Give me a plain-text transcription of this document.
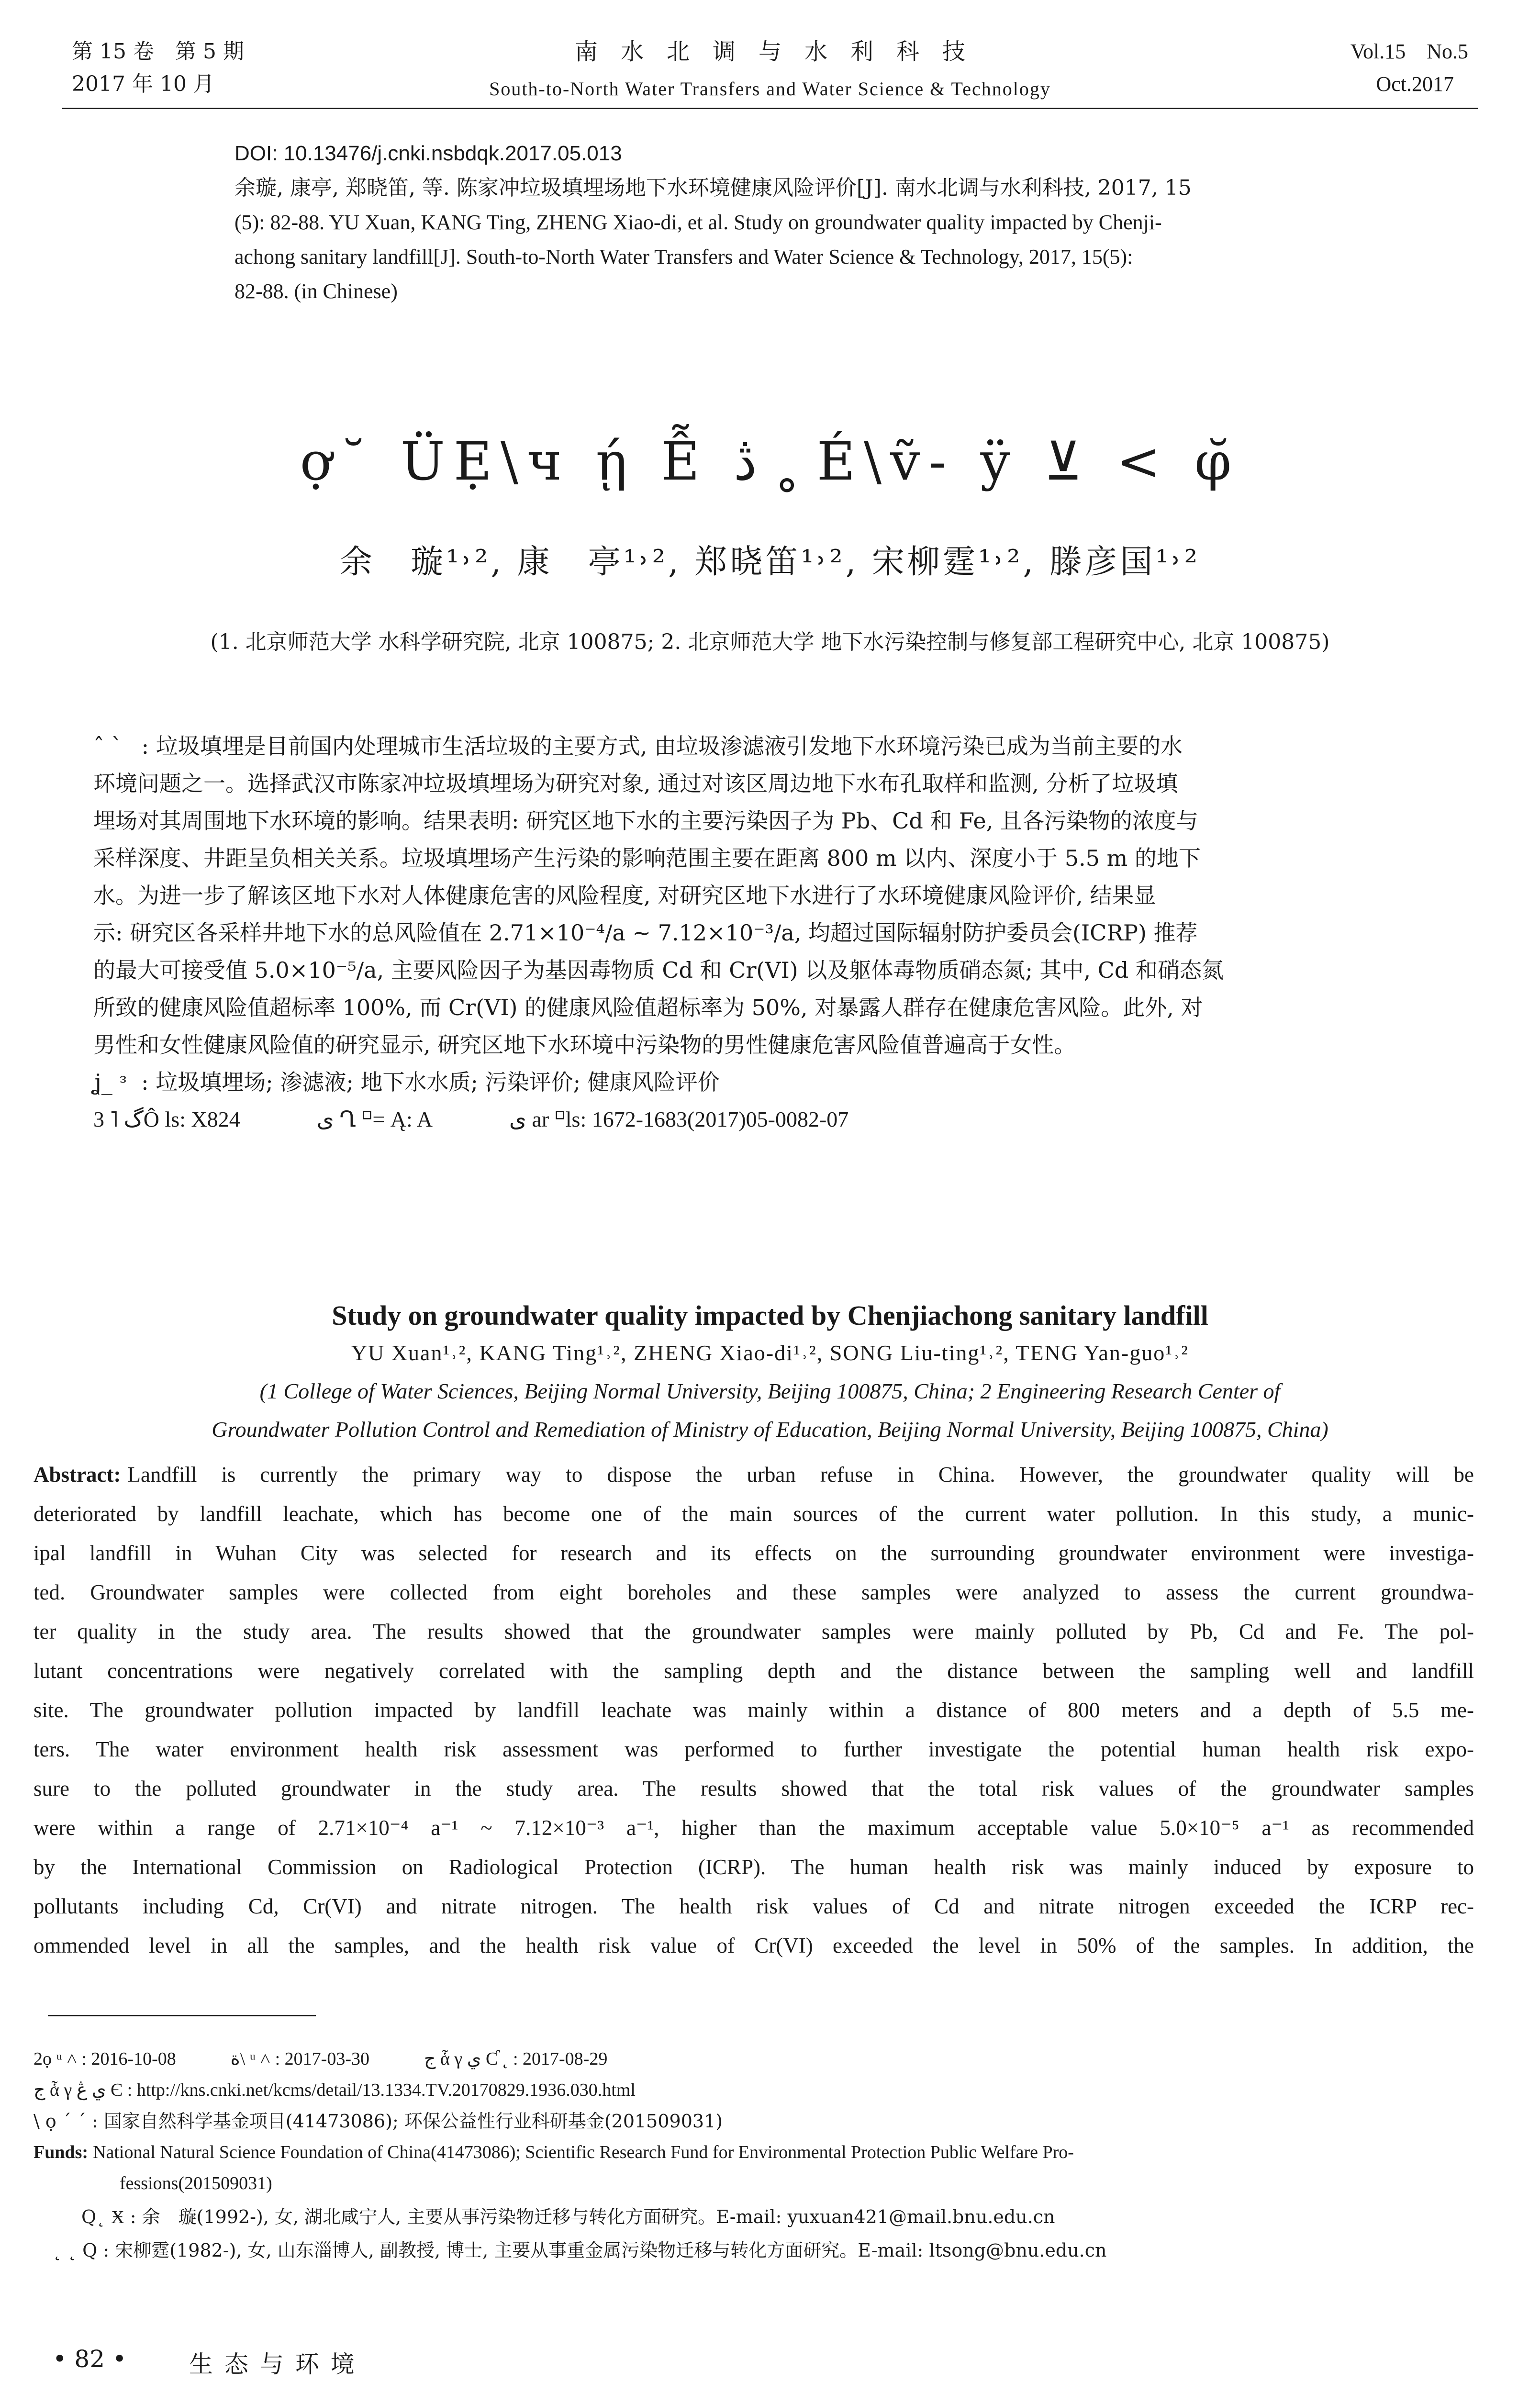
第 15 卷　第 5 期
2017 年 10 月
南　水　北　调　与　水　利　科　技
South-to-North Water Transfers and Water Science & Technology
Vol.15　No.5
Oct.2017
DOI: 10.13476/j.cnki.nsbdqk.2017.05.013
余璇, 康亭, 郑晓笛, 等. 陈家冲垃圾填埋场地下水环境健康风险评价[J]. 南水北调与水利科技, 2017, 15
(5): 82-88. YU Xuan, KANG Ting, ZHENG Xiao-di, et al. Study on groundwater quality impacted by Chenji-
achong sanitary landfill[J]. South-to-North Water Transfers and Water Science & Technology, 2017, 15(5):
82-88. (in Chinese)
ợ˘ ÜẸ\ч ῄ Ễ ڎ ˳ É\ṽ- ÿ ⊻ < φ̆
余　璇¹˒², 康　亭¹˒², 郑晓笛¹˒², 宋柳霆¹˒², 滕彦国¹˒²
(1. 北京师范大学 水科学研究院, 北京 100875; 2. 北京师范大学 地下水污染控制与修复部工程研究中心, 北京 100875)
ˆ ˋ : 垃圾填埋是目前国内处理城市生活垃圾的主要方式, 由垃圾渗滤液引发地下水环境污染已成为当前主要的水
环境问题之一。选择武汉市陈家冲垃圾填埋场为研究对象, 通过对该区周边地下水布孔取样和监测, 分析了垃圾填
埋场对其周围地下水环境的影响。结果表明: 研究区地下水的主要污染因子为 Pb、Cd 和 Fe, 且各污染物的浓度与
采样深度、井距呈负相关关系。垃圾填埋场产生污染的影响范围主要在距离 800 m 以内、深度小于 5.5 m 的地下
水。为进一步了解该区地下水对人体健康危害的风险程度, 对研究区地下水进行了水环境健康风险评价, 结果显
示: 研究区各采样井地下水的总风险值在 2.71×10⁻⁴/a ~ 7.12×10⁻³/a, 均超过国际辐射防护委员会(ICRP) 推荐
的最大可接受值 5.0×10⁻⁵/a, 主要风险因子为基因毒物质 Cd 和 Cr(VI) 以及躯体毒物质硝态氮; 其中, Cd 和硝态氮
所致的健康风险值超标率 100%, 而 Cr(VI) 的健康风险值超标率为 50%, 对暴露人群存在健康危害风险。此外, 对
男性和女性健康风险值的研究显示, 研究区地下水环境中污染物的男性健康危害风险值普遍高于女性。
ʝ_ ᵌ : 垃圾填埋场; 渗滤液; 地下水水质; 污染评价; 健康风险评价
3 ˥ گÔ ls: X824	ى Ղ ⸋= Ą: A	ى ar ⸋ls: 1672-1683(2017)05-0082-07
Study on groundwater quality impacted by Chenjiachong sanitary landfill
YU Xuan¹˒², KANG Ting¹˒², ZHENG Xiao-di¹˒², SONG Liu-ting¹˒², TENG Yan-guo¹˒²
(1 College of Water Sciences, Beijing Normal University, Beijing 100875, China; 2 Engineering Research Center of
Groundwater Pollution Control and Remediation of Ministry of Education, Beijing Normal University, Beijing 100875, China)
Abstract: Landfill is currently the primary way to dispose the urban refuse in China. However, the groundwater quality will be
deteriorated by landfill leachate, which has become one of the main sources of the current water pollution. In this study, a munic-
ipal landfill in Wuhan City was selected for research and its effects on the surrounding groundwater environment were investiga-
ted. Groundwater samples were collected from eight boreholes and these samples were analyzed to assess the current groundwa-
ter quality in the study area. The results showed that the groundwater samples were mainly polluted by Pb, Cd and Fe. The pol-
lutant concentrations were negatively correlated with the sampling depth and the distance between the sampling well and landfill
site. The groundwater pollution impacted by landfill leachate was mainly within a distance of 800 meters and a depth of 5.5 me-
ters. The water environment health risk assessment was performed to further investigate the potential human health risk expo-
sure to the polluted groundwater in the study area. The results showed that the total risk values of the groundwater samples
were within a range of 2.71×10⁻⁴ a⁻¹ ~ 7.12×10⁻³ a⁻¹, higher than the maximum acceptable value 5.0×10⁻⁵ a⁻¹ as recommended
by the International Commission on Radiological Protection (ICRP). The human health risk was mainly induced by exposure to
pollutants including Cd, Cr(VI) and nitrate nitrogen. The health risk values of Cd and nitrate nitrogen exceeded the ICRP rec-
ommended level in all the samples, and the health risk value of Cr(VI) exceeded the level in 50% of the samples. In addition, the
2ọ ᵘ ˄ : 2016-10-08　　　ة\ ᵘ ˄ : 2017-03-30　　　ج ἇ γ ي Ƈ ˛ : 2017-08-29
ج ἇ γ ي ڠ Є : http://kns.cnki.net/kcms/detail/13.1334.TV.20170829.1936.030.html
\ ọ ˊ ˊ : 国家自然科学基金项目(41473086); 环保公益性行业科研基金(201509031)
Funds: National Natural Science Foundation of China(41473086); Scientific Research Fund for Environmental Protection Public Welfare Pro-
fessions(201509031)
Q˛ Ӿ : 余　璇(1992-), 女, 湖北咸宁人, 主要从事污染物迁移与转化方面研究。E-mail: yuxuan421@mail.bnu.edu.cn
˛ ˛ Q : 宋柳霆(1982-), 女, 山东淄博人, 副教授, 博士, 主要从事重金属污染物迁移与转化方面研究。E-mail: ltsong@bnu.edu.cn
• 82 •	生 态 与 环 境
